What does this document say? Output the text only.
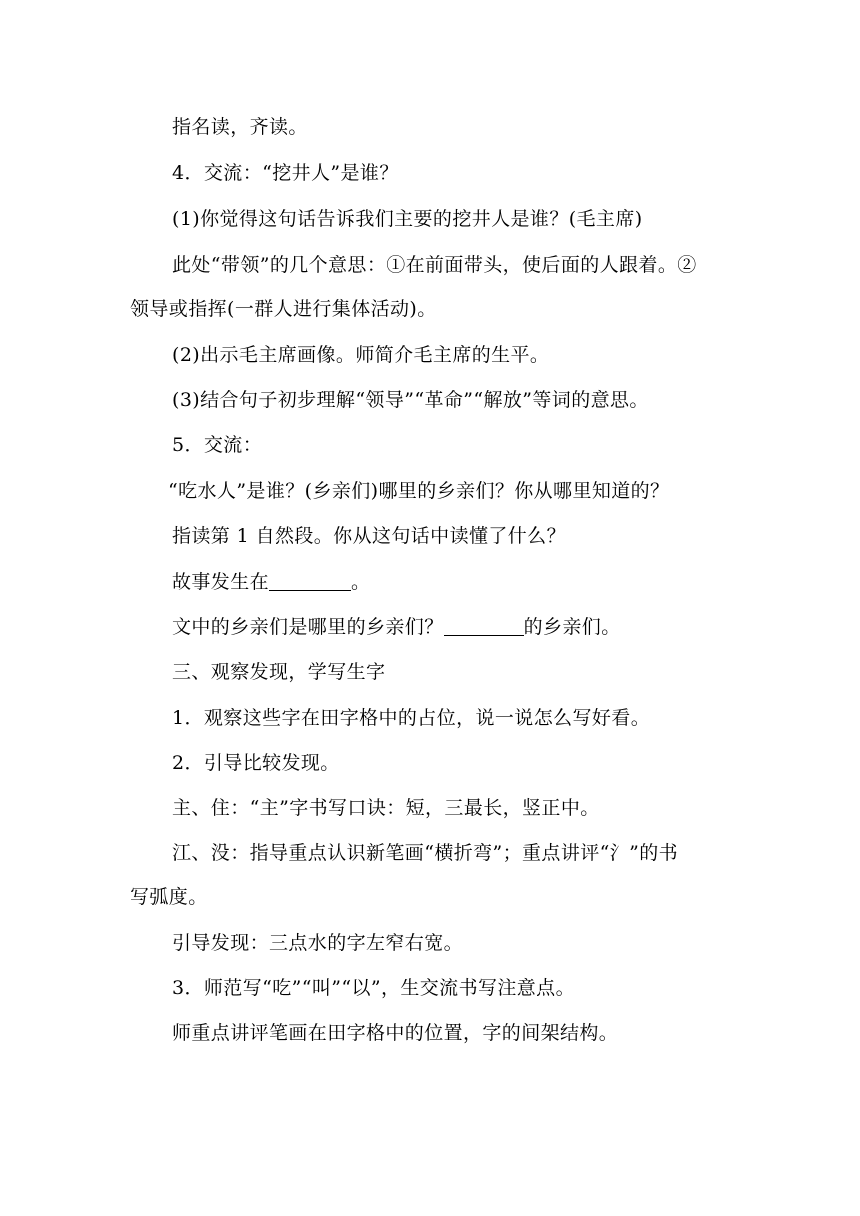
指名读，齐读。
4．交流：“挖井人”是谁？
(1)你觉得这句话告诉我们主要的挖井人是谁？(毛主席)
此处“带领”的几个意思：①在前面带头，使后面的人跟着。②
领导或指挥(一群人进行集体活动)。
(2)出示毛主席画像。师简介毛主席的生平。
(3)结合句子初步理解“领导”“革命”“解放”等词的意思。
5．交流：
“吃水人”是谁？(乡亲们)哪里的乡亲们？你从哪里知道的？
指读第 1 自然段。你从这句话中读懂了什么？
故事发生在	。
文中的乡亲们是哪里的乡亲们？	的乡亲们。
三、观察发现，学写生字
1．观察这些字在田字格中的占位，说一说怎么写好看。
2．引导比较发现。
主、住：“主”字书写口诀：短，三最长，竖正中。
江、没：指导重点认识新笔画“横折弯”；重点讲评“氵”的书
写弧度。
引导发现：三点水的字左窄右宽。
3．师范写“吃”“叫”“以”，生交流书写注意点。
师重点讲评笔画在田字格中的位置，字的间架结构。
